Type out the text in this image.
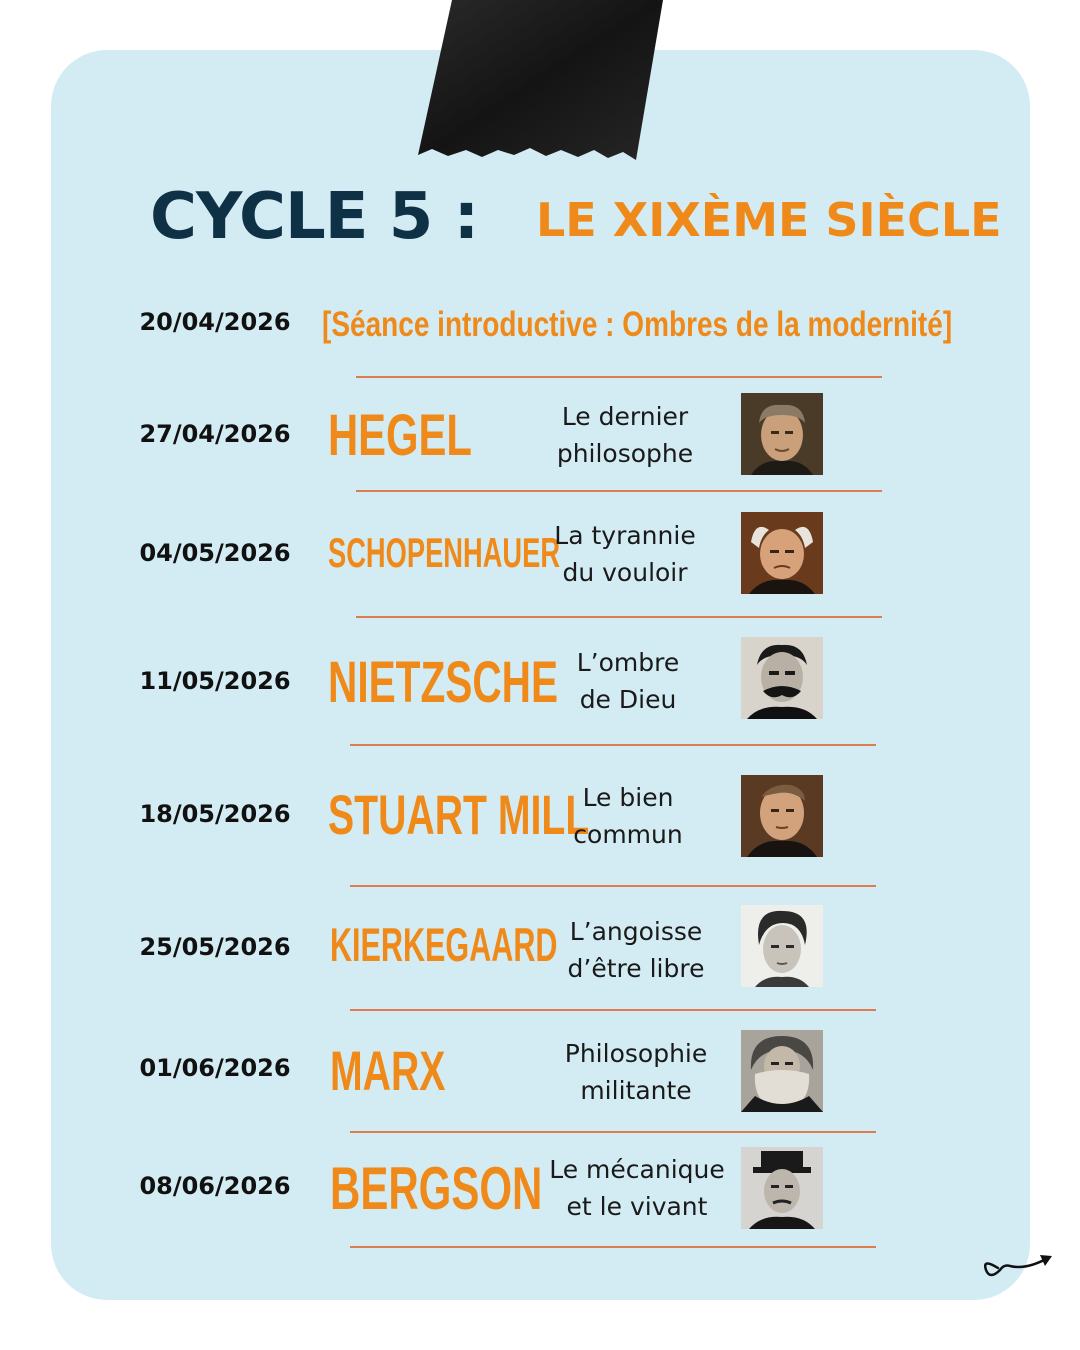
CYCLE 5 : LE XIXÈME SIÈCLE
20/04/2026 [Séance introductive : Ombres de la modernité]
27/04/2026 HEGEL	Le dernier
philosophe
04/05/2026 SCHOPENHAUER
La tyrannie
du vouloir
11/05/2026 NIETZSCHE L’ombre
de Dieu
18/05/2026 STUART MILL
Le bien
commun
25/05/2026 KIERKEGAARD L’angoisse
d’être libre
01/06/2026 MARX	Philosophie
militante
08/06/2026 BERGSON Le mécanique
et le vivant
